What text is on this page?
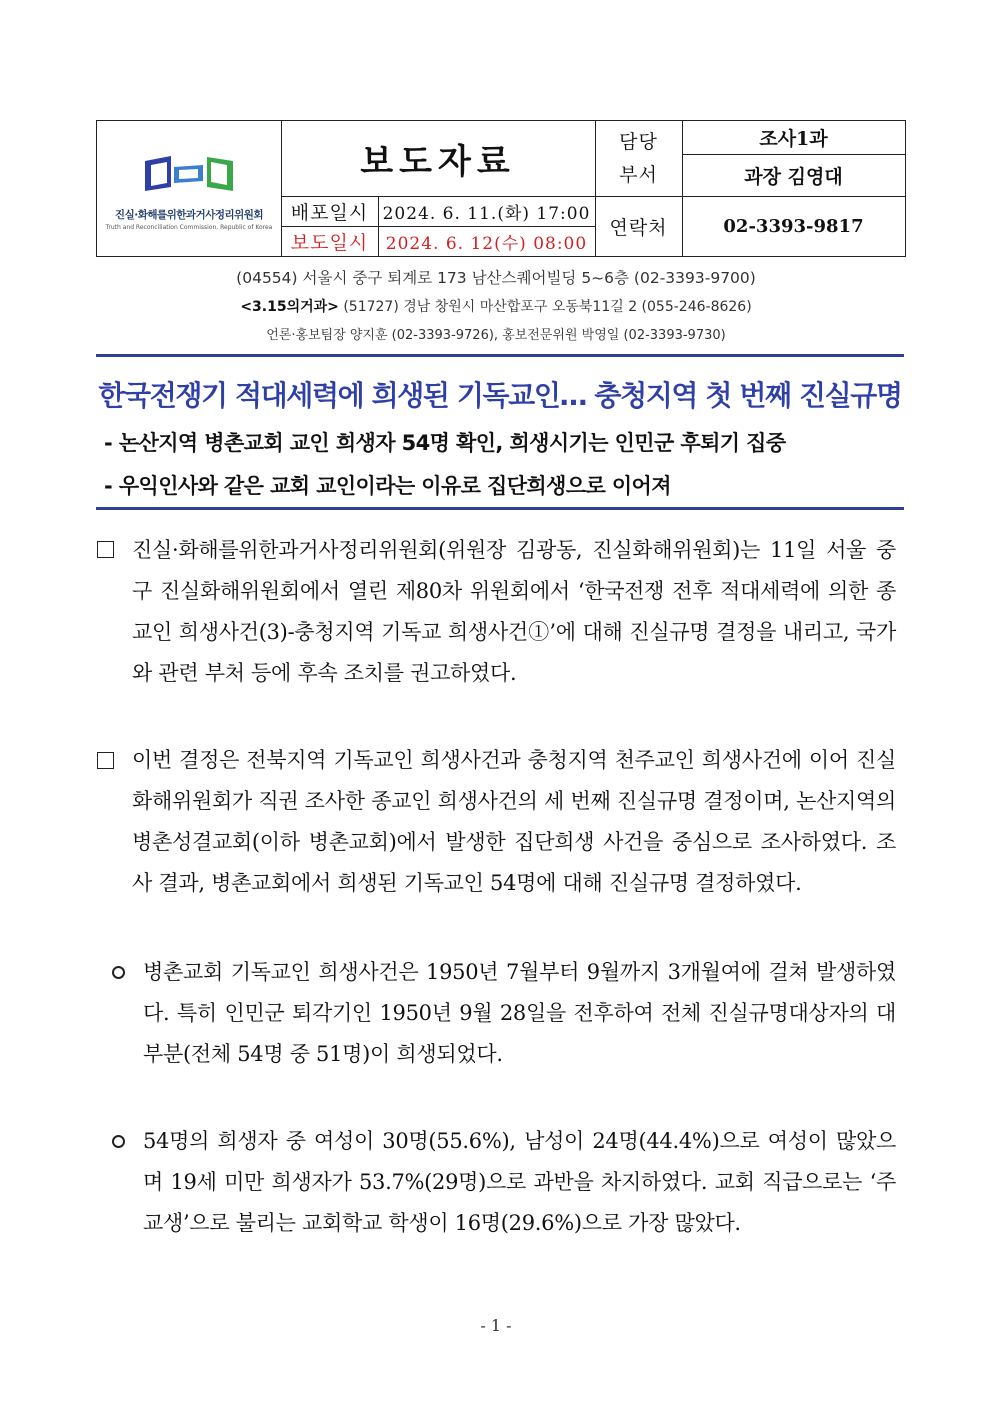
진실·화해를위한과거사정리위원회
Truth and Reconciliation Commission, Republic of Korea
보도자료
배포일시 2024. 6. 11.(화) 17:00
보도일시	2024. 6. 12(수) 08:00
담당
부서
연락처
조사1과
과장 김영대
02-3393-9817
(04554) 서울시 중구 퇴계로 173 남산스퀘어빌딩 5~6층 (02-3393-9700)
<3.15의거과> (51727) 경남 창원시 마산합포구 오동북11길 2 (055-246-8626)
언론·홍보팀장 양지훈 (02-3393-9726), 홍보전문위원 박영일 (02-3393-9730)
한국전쟁기 적대세력에 희생된 기독교인… 충청지역 첫 번째 진실규명
- 논산지역 병촌교회 교인 희생자 54명 확인, 희생시기는 인민군 후퇴기 집중
- 우익인사와 같은 교회 교인이라는 이유로 집단희생으로 이어져
진실·화해를위한과거사정리위원회(위원장 김광동, 진실화해위원회)는 11일 서울 중구 진실화해위원회에서 열린 제80차 위원회에서 ‘한국전쟁 전후 적대세력에 의한 종교인 희생사건(3)-충청지역 기독교 희생사건①’에 대해 진실규명 결정을 내리고, 국가와 관련 부처 등에 후속 조치를 권고하였다.
이번 결정은 전북지역 기독교인 희생사건과 충청지역 천주교인 희생사건에 이어 진실화해위원회가 직권 조사한 종교인 희생사건의 세 번째 진실규명 결정이며, 논산지역의 병촌성결교회(이하 병촌교회)에서 발생한 집단희생 사건을 중심으로 조사하였다. 조사 결과, 병촌교회에서 희생된 기독교인 54명에 대해 진실규명 결정하였다.
병촌교회 기독교인 희생사건은 1950년 7월부터 9월까지 3개월여에 걸쳐 발생하였다. 특히 인민군 퇴각기인 1950년 9월 28일을 전후하여 전체 진실규명대상자의 대부분(전체 54명 중 51명)이 희생되었다.
54명의 희생자 중 여성이 30명(55.6%), 남성이 24명(44.4%)으로 여성이 많았으며 19세 미만 희생자가 53.7%(29명)으로 과반을 차지하였다. 교회 직급으로는 ‘주교생’으로 불리는 교회학교 학생이 16명(29.6%)으로 가장 많았다.
- 1 -
